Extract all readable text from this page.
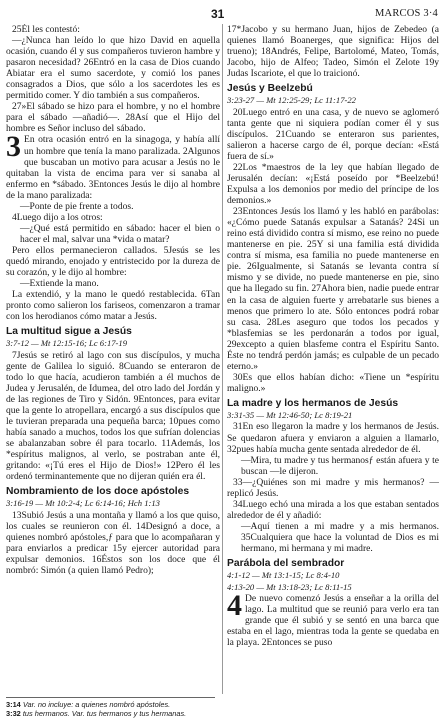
31	MARCOS 3·4

25Él les contestó:

—¿Nunca han leído lo que hizo David en aquella ocasión, cuando él y sus compañeros tuvieron hambre y pasaron necesidad? 26Entró en la casa de Dios cuando Abiatar era el sumo sacerdote, y comió los panes consagrados a Dios, que sólo a los sacerdotes les es permitido comer. Y dio también a sus compañeros.

27»El sábado se hizo para el hombre, y no el hombre para el sábado —añadió—. 28Así que el Hijo del hombre es Señor incluso del sábado.

3 En otra ocasión entró en la sinagoga, y había allí un hombre que tenía la mano paralizada. 2Algunos que buscaban un motivo para acusar a Jesús no le quitaban la vista de encima para ver si sanaba al enfermo en *sábado. 3Entonces Jesús le dijo al hombre de la mano paralizada:

—Ponte de pie frente a todos.

4Luego dijo a los otros:

—¿Qué está permitido en sábado: hacer el bien o hacer el mal, salvar una *vida o matar?

Pero ellos permanecieron callados. 5Jesús se les quedó mirando, enojado y entristecido por la dureza de su corazón, y le dijo al hombre:

—Extiende la mano.

La extendió, y la mano le quedó restablecida. 6Tan pronto como salieron los fariseos, comenzaron a tramar con los herodianos cómo matar a Jesús.

La multitud sigue a Jesús
3:7-12 — Mt 12:15-16; Lc 6:17-19

7Jesús se retiró al lago con sus discípulos, y mucha gente de Galilea lo siguió. 8Cuando se enteraron de todo lo que hacía, acudieron también a él muchos de Judea y Jerusalén, de Idumea, del otro lado del Jordán y de las regiones de Tiro y Sidón. 9Entonces, para evitar que la gente lo atropellara, encargó a sus discípulos que le tuvieran preparada una pequeña barca; 10pues como había sanado a muchos, todos los que sufrían dolencias se abalanzaban sobre él para tocarlo. 11Además, los *espíritus malignos, al verlo, se postraban ante él, gritando: «¡Tú eres el Hijo de Dios!» 12Pero él les ordenó terminantemente que no dijeran quién era él.

Nombramiento de los doce apóstoles
3:16-19 — Mt 10:2-4; Lc 6:14-16; Hch 1:13

13Subió Jesús a una montaña y llamó a los que quiso, los cuales se reunieron con él. 14Designó a doce, a quienes nombró apóstoles,ƒ para que lo acompañaran y para enviarlos a predicar 15y ejercer autoridad para expulsar demonios. 16Éstos son los doce que él nombró: Simón (a quien llamó Pedro);

17*Jacobo y su hermano Juan, hijos de Zebedeo (a quienes llamó Boanerges, que significa: Hijos del trueno); 18Andrés, Felipe, Bartolomé, Mateo, Tomás, Jacobo, hijo de Alfeo; Tadeo, Simón el Zelote 19y Judas Iscariote, el que lo traicionó.

Jesús y Beelzebú
3:23-27 — Mt 12:25-29; Lc 11:17-22

20Luego entró en una casa, y de nuevo se aglomeró tanta gente que ni siquiera podían comer él y sus discípulos. 21Cuando se enteraron sus parientes, salieron a hacerse cargo de él, porque decían: «Está fuera de sí.»

22Los *maestros de la ley que habían llegado de Jerusalén decían: «¡Está poseído por *Beelzebú! Expulsa a los demonios por medio del príncipe de los demonios.»

23Entonces Jesús los llamó y les habló en parábolas: «¿Cómo puede Satanás expulsar a Satanás? 24Si un reino está dividido contra sí mismo, ese reino no puede mantenerse en pie. 25Y si una familia está dividida contra sí misma, esa familia no puede mantenerse en pie. 26Igualmente, si Satanás se levanta contra sí mismo y se divide, no puede mantenerse en pie, sino que ha llegado su fin. 27Ahora bien, nadie puede entrar en la casa de alguien fuerte y arrebatarle sus bienes a menos que primero lo ate. Sólo entonces podrá robar su casa. 28Les aseguro que todos los pecados y *blasfemias se les perdonarán a todos por igual, 29excepto a quien blasfeme contra el Espíritu Santo. Éste no tendrá perdón jamás; es culpable de un pecado eterno.»

30Es que ellos habían dicho: «Tiene un *espíritu maligno.»

La madre y los hermanos de Jesús
3:31-35 — Mt 12:46-50; Lc 8:19-21

31En eso llegaron la madre y los hermanos de Jesús. Se quedaron afuera y enviaron a alguien a llamarlo, 32pues había mucha gente sentada alrededor de él.

—Mira, tu madre y tus hermanosƒ están afuera y te buscan —le dijeron.

33—¿Quiénes son mi madre y mis hermanos? —replicó Jesús.

34Luego echó una mirada a los que estaban sentados alrededor de él y añadió:

—Aquí tienen a mi madre y a mis hermanos. 35Cualquiera que hace la voluntad de Dios es mi hermano, mi hermana y mi madre.

Parábola del sembrador
4:1-12 — Mt 13:1-15; Lc 8:4-10
4:13-20 — Mt 13:18-23; Lc 8:11-15

4 De nuevo comenzó Jesús a enseñar a la orilla del lago. La multitud que se reunió para verlo era tan grande que él subió y se sentó en una barca que estaba en el lago, mientras toda la gente se quedaba en la playa. 2Entonces se puso

3:14 Var. no incluye: a quienes nombró apóstoles.
3:32 tus hermanos. Var. tus hermanos y tus hermanas.
